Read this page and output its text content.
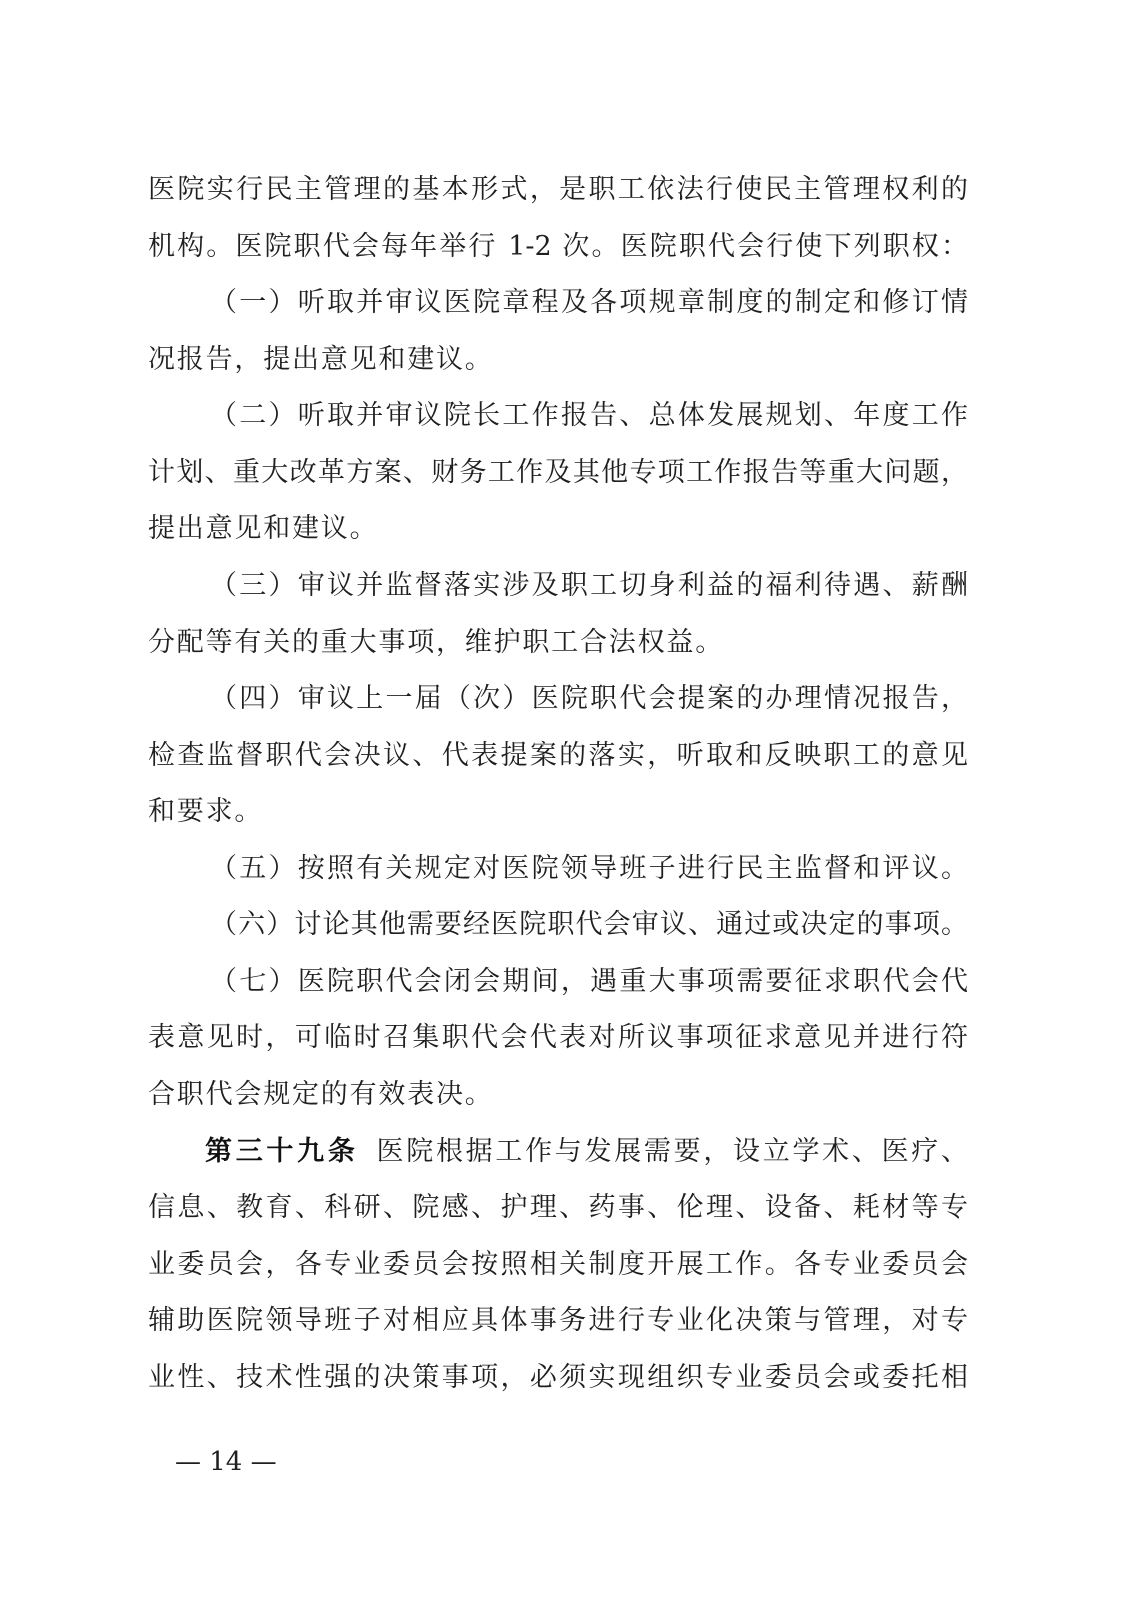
医院实行民主管理的基本形式，是职工依法行使民主管理权利的
机构。医院职代会每年举行 1-2 次。医院职代会行使下列职权：
（一）听取并审议医院章程及各项规章制度的制定和修订情
况报告，提出意见和建议。
（二）听取并审议院长工作报告、总体发展规划、年度工作
计划、重大改革方案、财务工作及其他专项工作报告等重大问题，
提出意见和建议。
（三）审议并监督落实涉及职工切身利益的福利待遇、薪酬
分配等有关的重大事项，维护职工合法权益。
（四）审议上一届（次）医院职代会提案的办理情况报告，
检查监督职代会决议、代表提案的落实，听取和反映职工的意见
和要求。
（五）按照有关规定对医院领导班子进行民主监督和评议。
（六）讨论其他需要经医院职代会审议、通过或决定的事项。
（七）医院职代会闭会期间，遇重大事项需要征求职代会代
表意见时，可临时召集职代会代表对所议事项征求意见并进行符
合职代会规定的有效表决。
第三十九条 医院根据工作与发展需要，设立学术、医疗、
信息、教育、科研、院感、护理、药事、伦理、设备、耗材等专
业委员会，各专业委员会按照相关制度开展工作。各专业委员会
辅助医院领导班子对相应具体事务进行专业化决策与管理，对专
业性、技术性强的决策事项，必须实现组织专业委员会或委托相
— 14 —
